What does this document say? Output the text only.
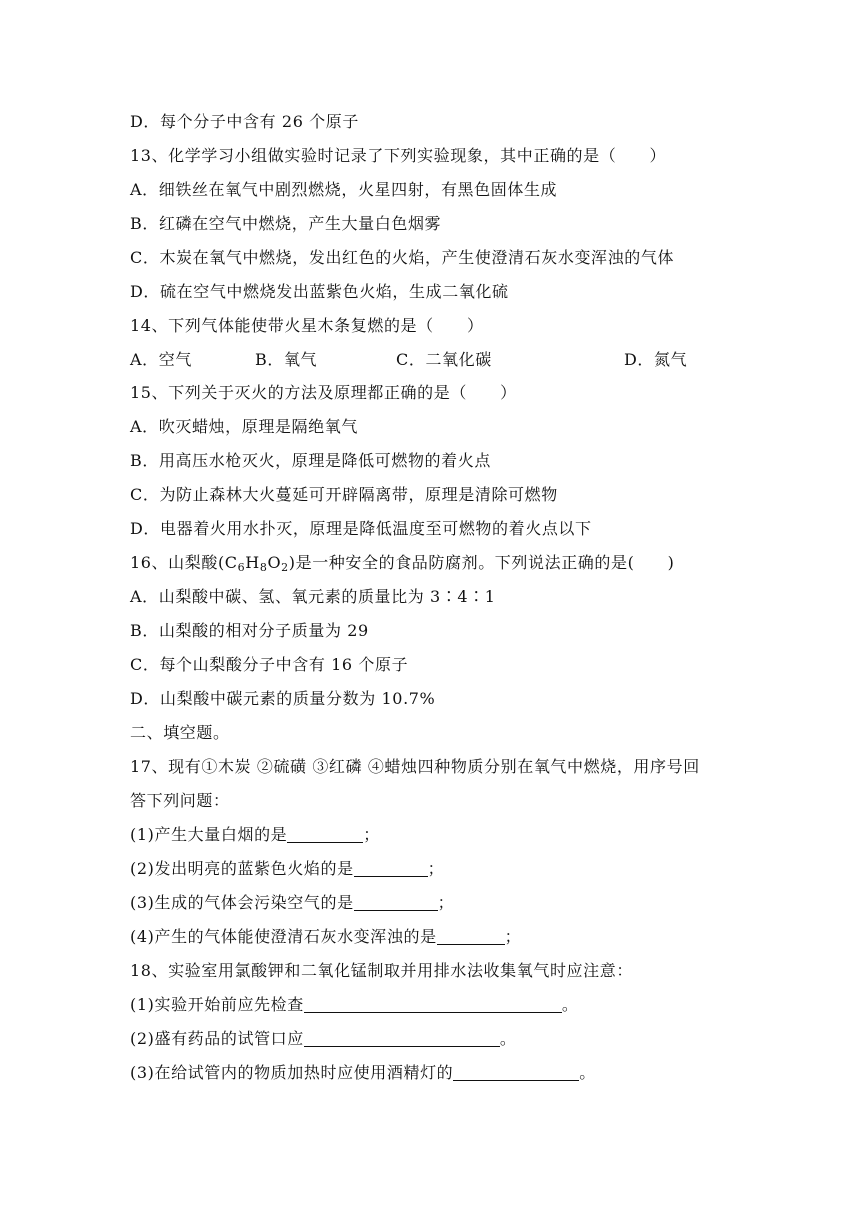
D．每个分子中含有 26 个原子
13、化学学习小组做实验时记录了下列实验现象，其中正确的是（　　）
A．细铁丝在氧气中剧烈燃烧，火星四射，有黑色固体生成
B．红磷在空气中燃烧，产生大量白色烟雾
C．木炭在氧气中燃烧，发出红色的火焰，产生使澄清石灰水变浑浊的气体
D．硫在空气中燃烧发出蓝紫色火焰，生成二氧化硫
14、下列气体能使带火星木条复燃的是（　　）
A．空气	B．氧气	C．二氧化碳	D．氮气
15、下列关于灭火的方法及原理都正确的是（　　）
A．吹灭蜡烛，原理是隔绝氧气
B．用高压水枪灭火，原理是降低可燃物的着火点
C．为防止森林大火蔓延可开辟隔离带，原理是清除可燃物
D．电器着火用水扑灭，原理是降低温度至可燃物的着火点以下
16、山梨酸$(C_6H_8O_2)$是一种安全的食品防腐剂。下列说法正确的是(　　)
A．山梨酸中碳、氢、氧元素的质量比为 3∶4∶1
B．山梨酸的相对分子质量为 29
C．每个山梨酸分子中含有 16 个原子
D．山梨酸中碳元素的质量分数为 10.7%
二、填空题。
17、现有①木炭 ②硫磺 ③红磷 ④蜡烛四种物质分别在氧气中燃烧，用序号回
答下列问题：
(1)产生大量白烟的是	；
(2)发出明亮的蓝紫色火焰的是	；
(3)生成的气体会污染空气的是	；
(4)产生的气体能使澄清石灰水变浑浊的是	；
18、实验室用氯酸钾和二氧化锰制取并用排水法收集氧气时应注意：
(1)实验开始前应先检查	。
(2)盛有药品的试管口应	。
(3)在给试管内的物质加热时应使用酒精灯的	。
